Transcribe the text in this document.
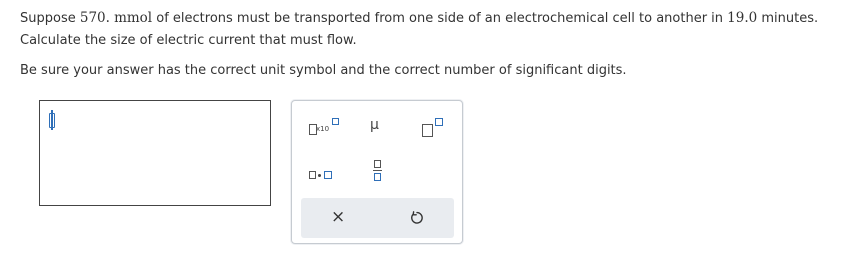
Suppose 570. mmol of electrons must be transported from one side of an electrochemical cell to another in 19.0 minutes.
Calculate the size of electric current that must flow.
Be sure your answer has the correct unit symbol and the correct number of significant digits.
x10	μ
×
